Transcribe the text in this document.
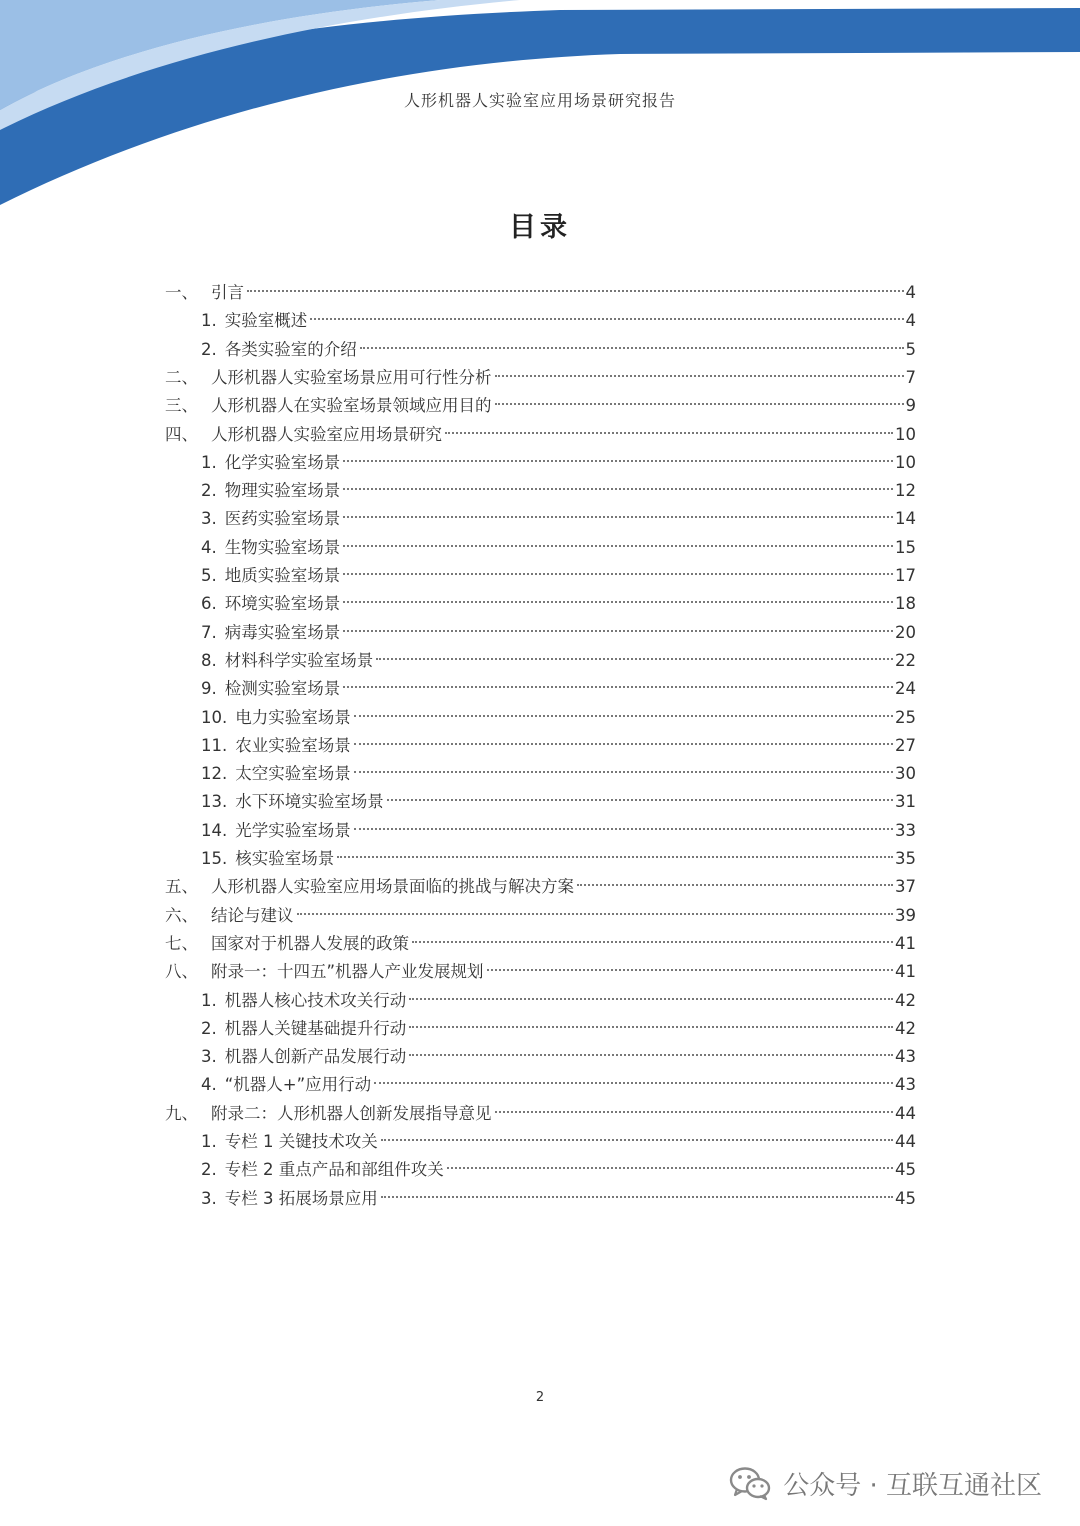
人形机器人实验室应用场景研究报告
目录
一、 引言	4
1. 实验室概述	4
2. 各类实验室的介绍	5
二、 人形机器人实验室场景应用可行性分析	7
三、 人形机器人在实验室场景领域应用目的	9
四、 人形机器人实验室应用场景研究	10
1. 化学实验室场景	10
2. 物理实验室场景	12
3. 医药实验室场景	14
4. 生物实验室场景	15
5. 地质实验室场景	17
6. 环境实验室场景	18
7. 病毒实验室场景	20
8. 材料科学实验室场景	22
9. 检测实验室场景	24
10. 电力实验室场景	25
11. 农业实验室场景	27
12. 太空实验室场景	30
13. 水下环境实验室场景	31
14. 光学实验室场景	33
15. 核实验室场景	35
五、 人形机器人实验室应用场景面临的挑战与解决方案	37
六、 结论与建议	39
七、 国家对于机器人发展的政策	41
八、 附录一：十四五”机器人产业发展规划	41
1. 机器人核心技术攻关行动	42
2. 机器人关键基础提升行动	42
3. 机器人创新产品发展行动	43
4. “机器人+”应用行动	43
九、 附录二：人形机器人创新发展指导意见	44
1. 专栏 1 关键技术攻关	44
2. 专栏 2 重点产品和部组件攻关	45
3. 专栏 3 拓展场景应用	45
2
公众号 · 互联互通社区
